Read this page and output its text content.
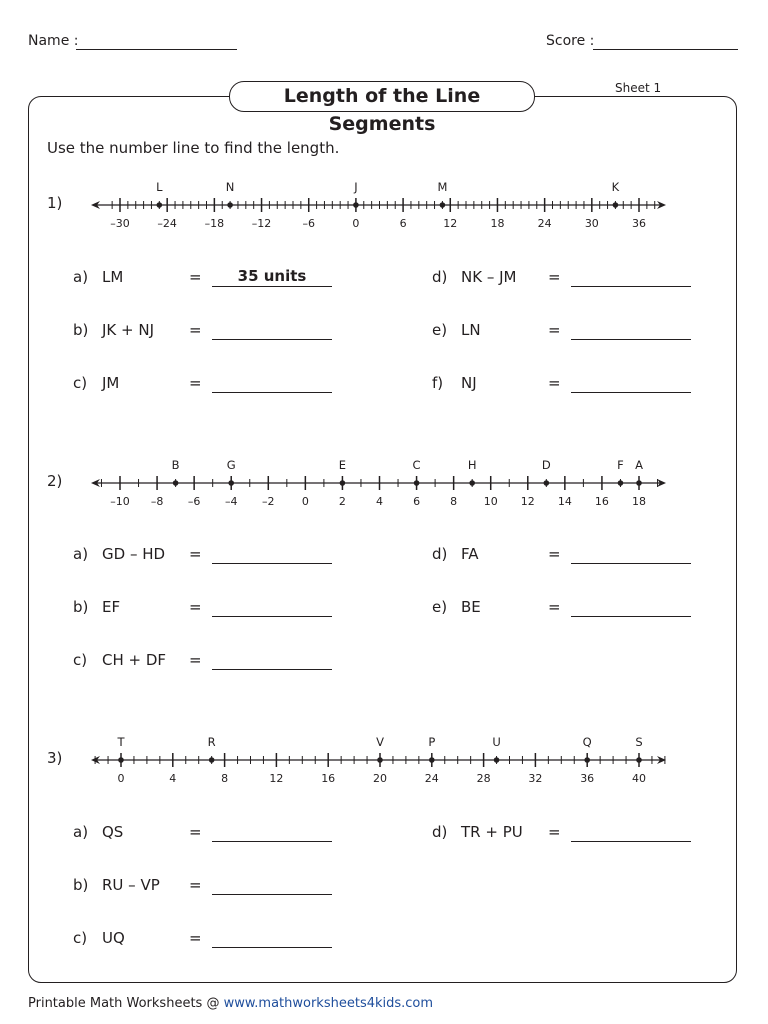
Name :	Score :
Length of the Line Segments
Sheet 1
Use the number line to find the length.
1)
–30	–24	–18	–12	–6	0	6	12	18	24	30	36
L	N	J	M	K
a) LM	=	35 units
b) JK + NJ =
c) JM	=
d) NK – JM =
e) LN	=
f) NJ	=
2)
–10 –8 –6 –4 –2 0	2	4	6	8 10 12 14 16 18
B	G	E	C	H	D	F A
a) GD – HD =
b) EF	=
c) CH + DF =
d) FA	=
e) BE	=
3)
0	4	8	12	16	20	24	28	32	36	40
T	R	V	P	U	Q	S
a) QS	=
b) RU – VP =
c) UQ	=
d) TR + PU =
Printable Math Worksheets @ www.mathworksheets4kids.com
